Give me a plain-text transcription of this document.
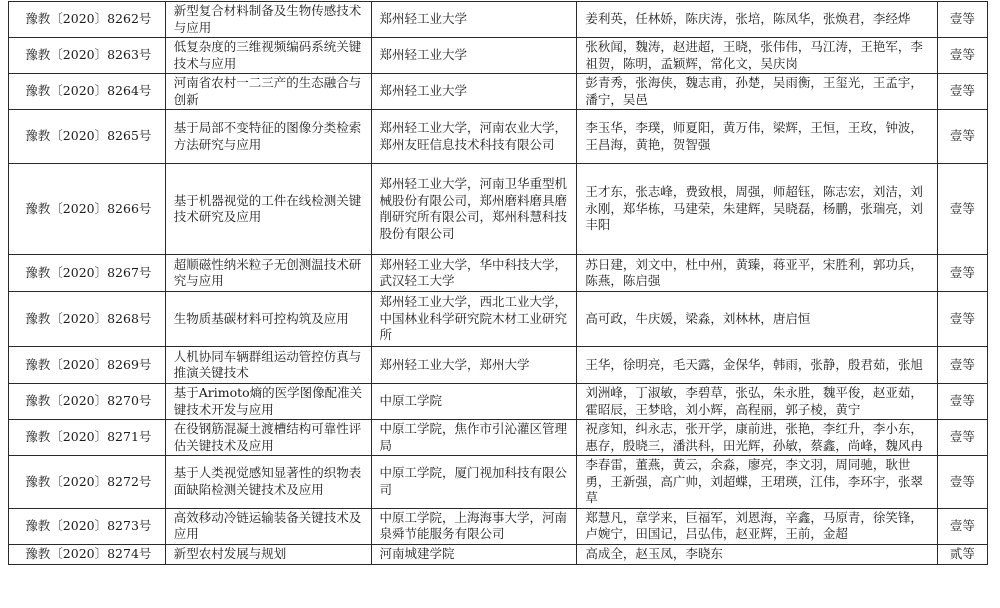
豫教〔2020〕8262号	新型复合材料制备及生物传感技术与应用	郑州轻工业大学	姜利英，任林娇，陈庆涛，张培，陈凤华，张焕君，李经烨	壹等
豫教〔2020〕8263号	低复杂度的三维视频编码系统关键技术与应用	郑州轻工业大学	张秋闻，魏涛，赵进超，王晓，张伟伟，马江涛，王艳军，李祖贺，陈明，孟颖辉，常化文，吴庆岗	壹等
豫教〔2020〕8264号	河南省农村一二三产的生态融合与创新	郑州轻工业大学	彭青秀，张海侠，魏志甫，孙楚，吴雨衡，王玺光，王孟宇，潘宁，吴邑	壹等
豫教〔2020〕8265号	基于局部不变特征的图像分类检索方法研究与应用	郑州轻工业大学，河南农业大学，郑州友旺信息技术科技有限公司	李玉华，李璞，师夏阳，黄万伟，梁辉，王恒，王玫，钟波，王昌海，黄艳，贺智强	壹等
豫教〔2020〕8266号	基于机器视觉的工件在线检测关键技术研究及应用	郑州轻工业大学，河南卫华重型机械股份有限公司，郑州磨料磨具磨削研究所有限公司，郑州科慧科技股份有限公司	王才东，张志峰，费致根，周强，师超钰，陈志宏，刘洁，刘永刚，郑华栋，马建荣，朱建辉，吴晓磊，杨鹏，张瑞亮，刘丰阳	壹等
豫教〔2020〕8267号	超顺磁性纳米粒子无创测温技术研究与应用	郑州轻工业大学，华中科技大学，武汉轻工大学	苏日建，刘文中，杜中州，黄臻，蒋亚平，宋胜利，郭功兵，陈燕，陈启强	壹等
豫教〔2020〕8268号	生物质基碳材料可控构筑及应用	郑州轻工业大学，西北工业大学，中国林业科学研究院木材工业研究所	高可政，牛庆媛，梁淼，刘林林，唐启恒	壹等
豫教〔2020〕8269号	人机协同车辆群组运动管控仿真与推演关键技术	郑州轻工业大学，郑州大学	王华，徐明亮，毛天露，金保华，韩雨，张静，殷君茹，张旭	壹等
豫教〔2020〕8270号	基于Arimoto熵的医学图像配准关键技术开发与应用	中原工学院	刘洲峰，丁淑敏，李碧草，张弘，朱永胜，魏平俊，赵亚茹，霍昭辰，王梦晗，刘小辉，高程丽，郭子棱，黄宁	壹等
豫教〔2020〕8271号	在役钢筋混凝土渡槽结构可靠性评估关键技术及应用	中原工学院，焦作市引沁灌区管理局	祝彦知，纠永志，张开学，康前进，张艳，李红升，李小东，惠存，殷晓三，潘洪科，田光辉，孙敏，蔡鑫，尚峰，魏风冉	壹等
豫教〔2020〕8272号	基于人类视觉感知显著性的织物表面缺陷检测关键技术及应用	中原工学院，厦门视加科技有限公司	李春雷，董燕，黄云，余淼，廖亮，李文羽，周同驰，耿世勇，王新强，高广帅，刘超蝶，王珺瑛，江伟，李环宇，张翠草	壹等
豫教〔2020〕8273号	高效移动冷链运输装备关键技术及应用	中原工学院，上海海事大学，河南泉舜节能服务有限公司	郑慧凡，章学来，巨福军，刘恩海，辛鑫，马原青，徐笑锋，卢婉宁，田国记，吕弘伟，赵亚辉，王前，金超	壹等
豫教〔2020〕8274号	新型农村发展与规划	河南城建学院	高成全，赵玉凤，李晓东	贰等
